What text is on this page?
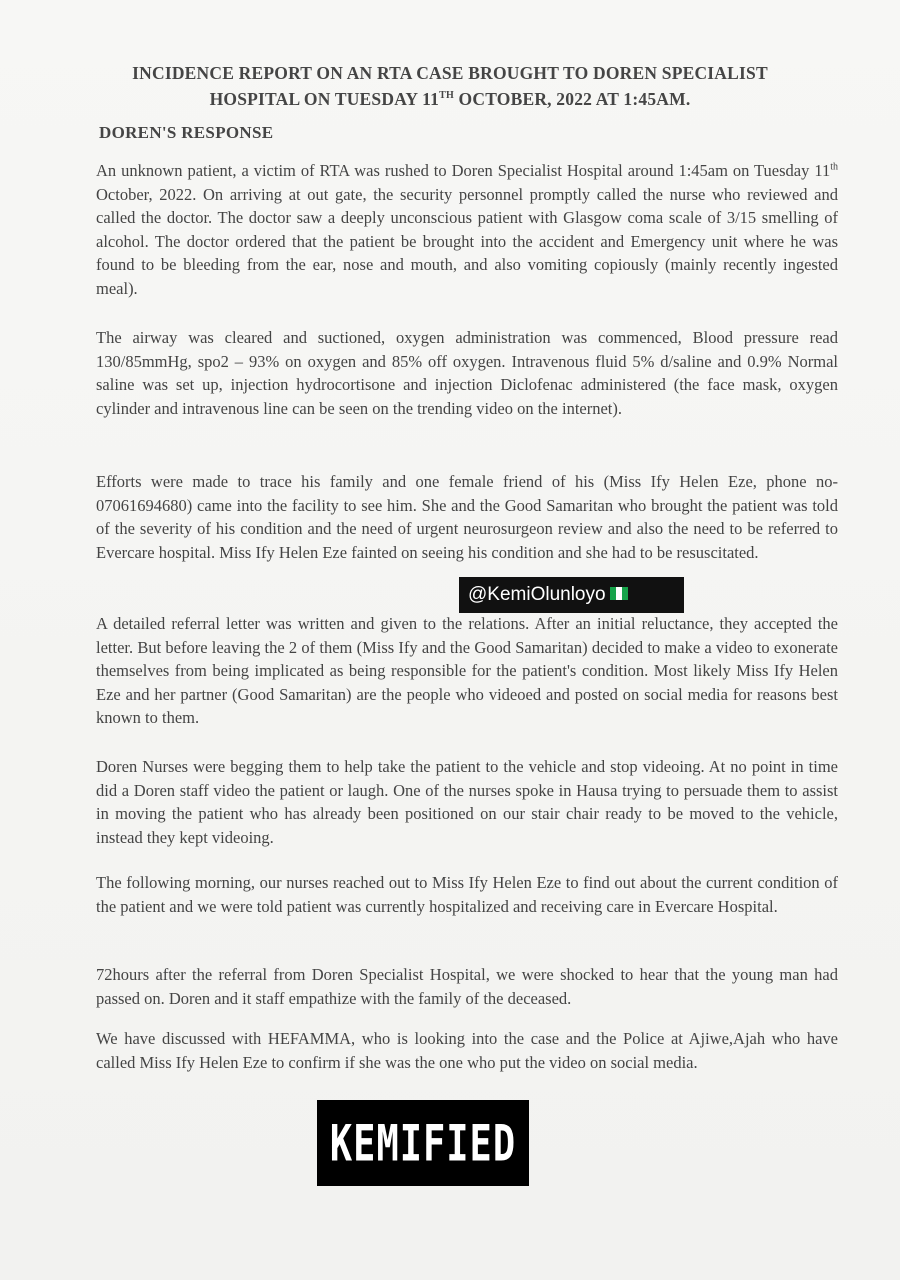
INCIDENCE REPORT ON AN RTA CASE BROUGHT TO DOREN SPECIALIST
HOSPITAL ON TUESDAY 11TH OCTOBER, 2022 AT 1:45AM.
DOREN'S RESPONSE

An unknown patient, a victim of RTA was rushed to Doren Specialist Hospital around 1:45am on Tuesday 11th October, 2022. On arriving at out gate, the security personnel promptly called the nurse who reviewed and called the doctor. The doctor saw a deeply unconscious patient with Glasgow coma scale of 3/15 smelling of alcohol. The doctor ordered that the patient be brought into the accident and Emergency unit where he was found to be bleeding from the ear, nose and mouth, and also vomiting copiously (mainly recently ingested meal).

The airway was cleared and suctioned, oxygen administration was commenced, Blood pressure read 130/85mmHg, spo2 – 93% on oxygen and 85% off oxygen. Intravenous fluid 5% d/saline and 0.9% Normal saline was set up, injection hydrocortisone and injection Diclofenac administered (the face mask, oxygen cylinder and intravenous line can be seen on the trending video on the internet).

Efforts were made to trace his family and one female friend of his (Miss Ify Helen Eze, phone no- 07061694680) came into the facility to see him. She and the Good Samaritan who brought the patient was told of the severity of his condition and the need of urgent neurosurgeon review and also the need to be referred to Evercare hospital. Miss Ify Helen Eze fainted on seeing his condition and she had to be resuscitated.

A detailed referral letter was written and given to the relations. After an initial reluctance, they accepted the letter. But before leaving the 2 of them (Miss Ify and the Good Samaritan) decided to make a video to exonerate themselves from being implicated as being responsible for the patient's condition. Most likely Miss Ify Helen Eze and her partner (Good Samaritan) are the people who videoed and posted on social media for reasons best known to them.

Doren Nurses were begging them to help take the patient to the vehicle and stop videoing. At no point in time did a Doren staff video the patient or laugh. One of the nurses spoke in Hausa trying to persuade them to assist in moving the patient who has already been positioned on our stair chair ready to be moved to the vehicle, instead they kept videoing.

The following morning, our nurses reached out to Miss Ify Helen Eze to find out about the current condition of the patient and we were told patient was currently hospitalized and receiving care in Evercare Hospital.

72hours after the referral from Doren Specialist Hospital, we were shocked to hear that the young man had passed on. Doren and it staff empathize with the family of the deceased.

We have discussed with HEFAMMA, who is looking into the case and the Police at Ajiwe,Ajah who have called Miss Ify Helen Eze to confirm if she was the one who put the video on social media.

@KemiOlunloyo
KEMIFIED
